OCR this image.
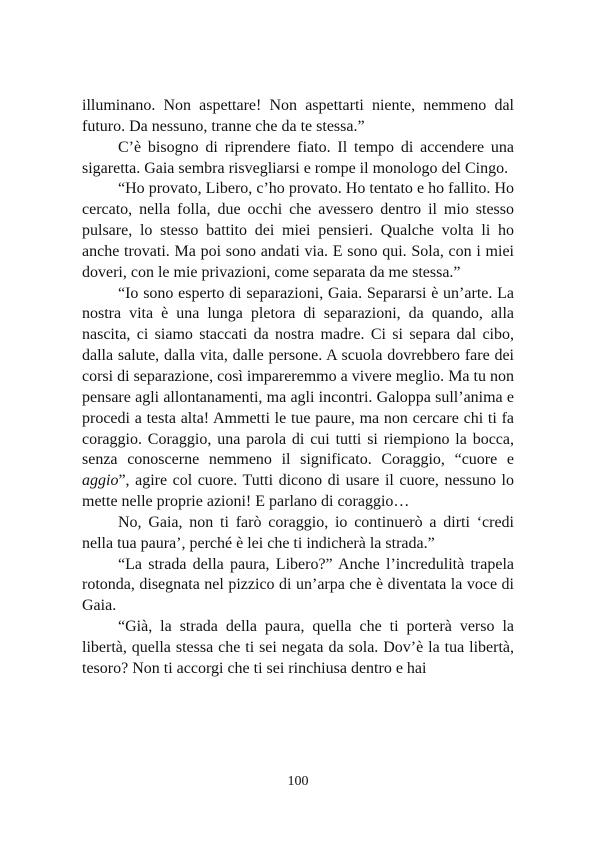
illuminano. Non aspettare! Non aspettarti niente, nemmeno dal futuro. Da nessuno, tranne che da te stessa.”

C’è bisogno di riprendere fiato. Il tempo di accendere una sigaretta. Gaia sembra risvegliarsi e rompe il monologo del Cingo.

“Ho provato, Libero, c’ho provato. Ho tentato e ho fallito. Ho cercato, nella folla, due occhi che avessero dentro il mio stesso pulsare, lo stesso battito dei miei pensieri. Qualche volta li ho anche trovati. Ma poi sono andati via. E sono qui. Sola, con i miei doveri, con le mie privazioni, come separata da me stessa.”

“Io sono esperto di separazioni, Gaia. Separarsi è un’arte. La nostra vita è una lunga pletora di separazioni, da quando, alla nascita, ci siamo staccati da nostra madre. Ci si separa dal cibo, dalla salute, dalla vita, dalle persone. A scuola dovrebbero fare dei corsi di separazione, così impareremmo a vivere meglio. Ma tu non pensare agli allontanamenti, ma agli incontri. Galoppa sull’anima e procedi a testa alta! Ammetti le tue paure, ma non cercare chi ti fa coraggio. Coraggio, una parola di cui tutti si riempiono la bocca, senza conoscerne nemmeno il significato. Coraggio, “cuore e aggio”, agire col cuore. Tutti dicono di usare il cuore, nessuno lo mette nelle proprie azioni! E parlano di coraggio…

No, Gaia, non ti farò coraggio, io continuerò a dirti ‘credi nella tua paura’, perché è lei che ti indicherà la strada.”

“La strada della paura, Libero?” Anche l’incredulità trapela rotonda, disegnata nel pizzico di un’arpa che è diventata la voce di Gaia.

“Già, la strada della paura, quella che ti porterà verso la libertà, quella stessa che ti sei negata da sola. Dov’è la tua libertà, tesoro? Non ti accorgi che ti sei rinchiusa dentro e hai

100
